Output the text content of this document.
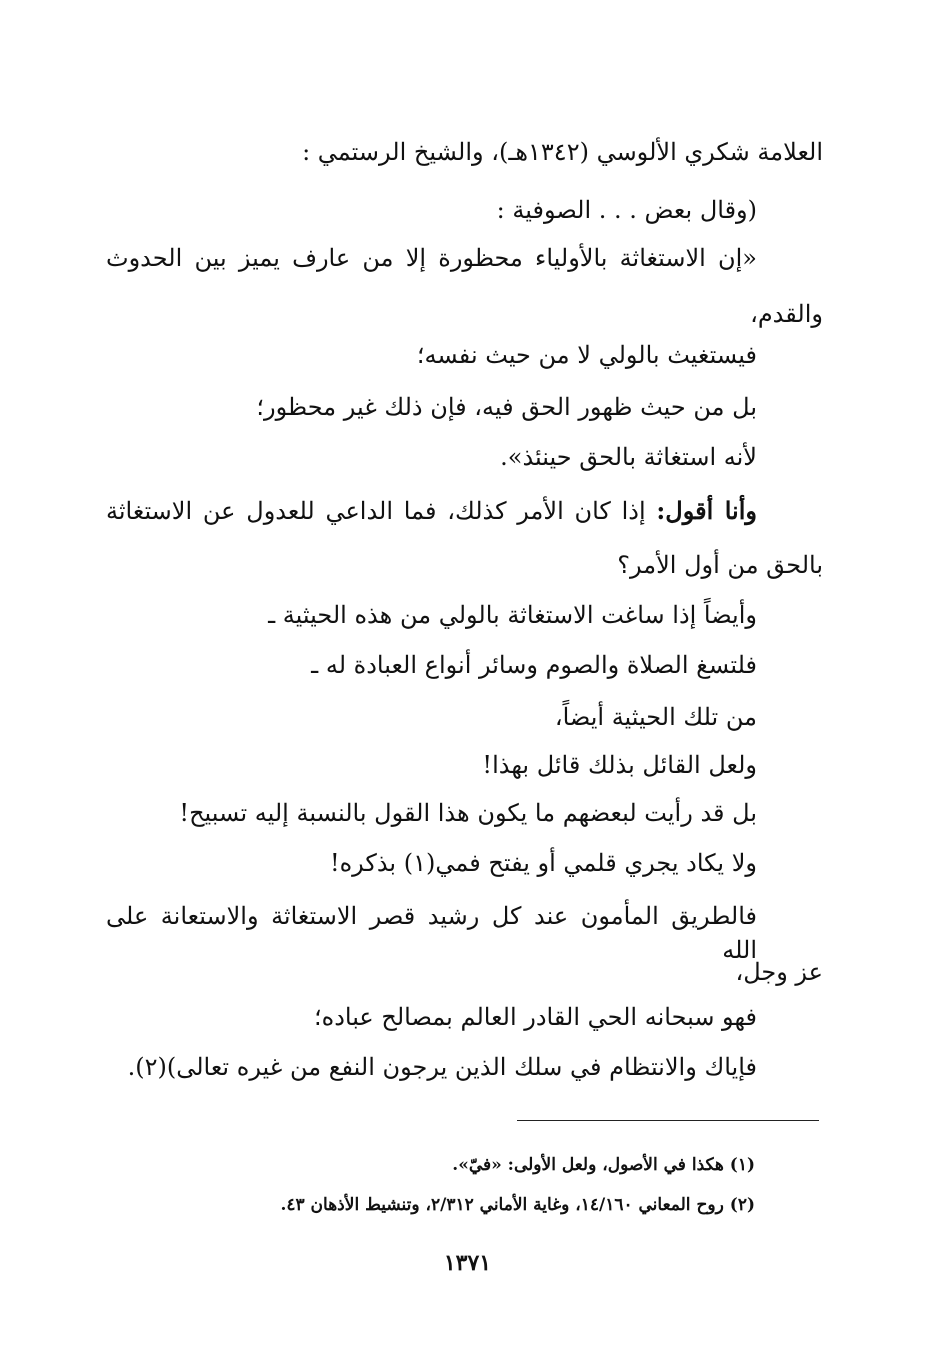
العلامة شكري الألوسي (١٣٤٢هـ)، والشيخ الرستمي :
(وقال بعض . . . الصوفية :
«إن الاستغاثة بالأولياء محظورة إلا من عارف يميز بين الحدوث
والقدم،
فيستغيث بالولي لا من حيث نفسه؛
بل من حيث ظهور الحق فيه، فإن ذلك غير محظور؛
لأنه استغاثة بالحق حينئذ».
وأنا أقول: إذا كان الأمر كذلك، فما الداعي للعدول عن الاستغاثة
بالحق من أول الأمر؟
وأيضاً إذا ساغت الاستغاثة بالولي من هذه الحيثية ـ
فلتسغ الصلاة والصوم وسائر أنواع العبادة له ـ
من تلك الحيثية أيضاً،
ولعل القائل بذلك قائل بهذا!
بل قد رأيت لبعضهم ما يكون هذا القول بالنسبة إليه تسبيح!
ولا يكاد يجري قلمي أو يفتح فمي(١) بذكره!
فالطريق المأمون عند كل رشيد قصر الاستغاثة والاستعانة على الله
عز وجل،
فهو سبحانه الحي القادر العالم بمصالح عباده؛
فإياك والانتظام في سلك الذين يرجون النفع من غيره تعالى)(٢).
(١) هكذا في الأصول، ولعل الأولى: «فيّ».
(٢) روح المعاني ١٤/١٦٠، وغاية الأماني ٢/٣١٢، وتنشيط الأذهان ٤٣.
١٣٧١
